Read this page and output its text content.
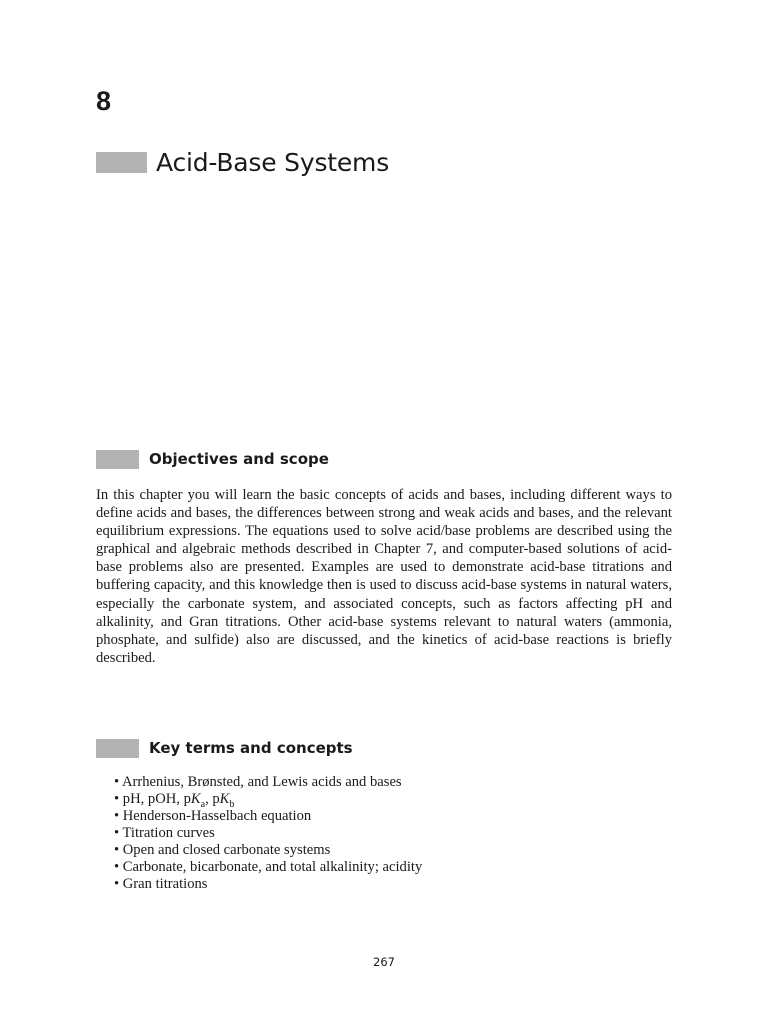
8
Acid-Base Systems
Objectives and scope

In this chapter you will learn the basic concepts of acids and bases, including different ways to define acids and bases, the differences between strong and weak acids and bases, and the relevant equilibrium expressions. The equations used to solve acid/base problems are described using the graphical and algebraic methods described in Chapter 7, and computer-based solutions of acid-base problems also are presented. Examples are used to demonstrate acid-base titrations and buffering capacity, and this knowledge then is used to discuss acid-base systems in natural waters, especially the carbonate system, and associated concepts, such as factors affecting pH and alkalinity, and Gran titrations. Other acid-base systems relevant to natural waters (ammonia, phosphate, and sulfide) also are discussed, and the kinetics of acid-base reactions is briefly described.

Key terms and concepts
• Arrhenius, Brønsted, and Lewis acids and bases
• pH, pOH, $pK_a$, $pK_b$
• Henderson-Hasselbach equation
• Titration curves
• Open and closed carbonate systems
• Carbonate, bicarbonate, and total alkalinity; acidity
• Gran titrations
267
